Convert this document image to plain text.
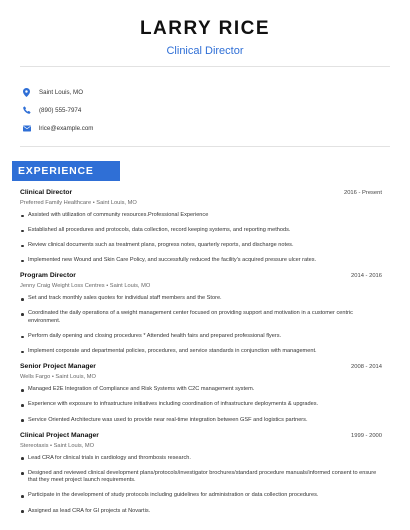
LARRY RICE
Clinical Director
Saint Louis, MO
(890) 555-7974
lrice@example.com
EXPERIENCE
Clinical Director	2016 - Present
Preferred Family Healthcare • Saint Louis, MO
Assisted with utilization of community resources.Professional Experience
Established all procedures and protocols, data collection, record keeping systems, and reporting methods.
Review clinical documents such as treatment plans, progress notes, quarterly reports, and discharge notes.
Implemented new Wound and Skin Care Policy, and successfully reduced the facility's acquired pressure ulcer rates.
Program Director	2014 - 2016
Jenny Craig Weight Loss Centres • Saint Louis, MO
Set and track monthly sales quotes for individual staff members and the Store.
Coordinated the daily operations of a weight management center focused on providing support and motivation in a customer centric environment.
Perform daily opening and closing procedures * Attended health fairs and prepared professional flyers.
Implement corporate and departmental policies, procedures, and service standards in conjunction with management.
Senior Project Manager	2008 - 2014
Wells Fargo • Saint Louis, MO
Managed E2E Integration of Compliance and Risk Systems with C2C management system.
Experience with exposure to infrastructure initiatives including coordination of infrastructure deployments & upgrades.
Service Oriented Architecture was used to provide near real-time integration between GSF and logistics partners.
Clinical Project Manager	1999 - 2000
Stereotaxis • Saint Louis, MO
Lead CRA for clinical trials in cardiology and thrombosis research.
Designed and reviewed clinical development plans/protocols/investigator brochures/standard procedure manuals/informed consent to ensure that they meet project launch requirements.
Participate in the development of study protocols including guidelines for administration or data collection procedures.
Assigned as lead CRA for GI projects at Novartis.
